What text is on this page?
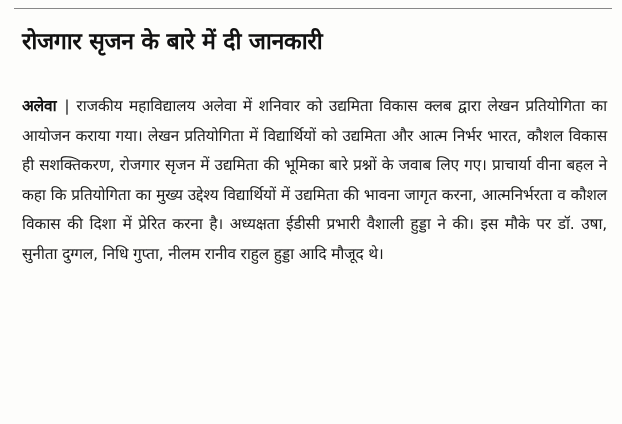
रोजगार सृजन के बारे में दी जानकारी
अलेवा | राजकीय महाविद्यालय अलेवा में शनिवार को उद्यमिता विकास क्लब द्वारा लेखन प्रतियोगिता का आयोजन कराया गया। लेखन प्रतियोगिता में विद्यार्थियों को उद्यमिता और आत्म निर्भर भारत, कौशल विकास ही सशक्तिकरण, रोजगार सृजन में उद्यमिता की भूमिका बारे प्रश्नों के जवाब लिए गए। प्राचार्या वीना बहल ने कहा कि प्रतियोगिता का मुख्य उद्देश्य विद्यार्थियों में उद्यमिता की भावना जागृत करना, आत्मनिर्भरता व कौशल विकास की दिशा में प्रेरित करना है। अध्यक्षता ईडीसी प्रभारी वैशाली हुड्डा ने की। इस मौके पर डॉ. उषा, सुनीता दुग्गल, निधि गुप्ता, नीलम रानीव राहुल हुड्डा आदि मौजूद थे।
